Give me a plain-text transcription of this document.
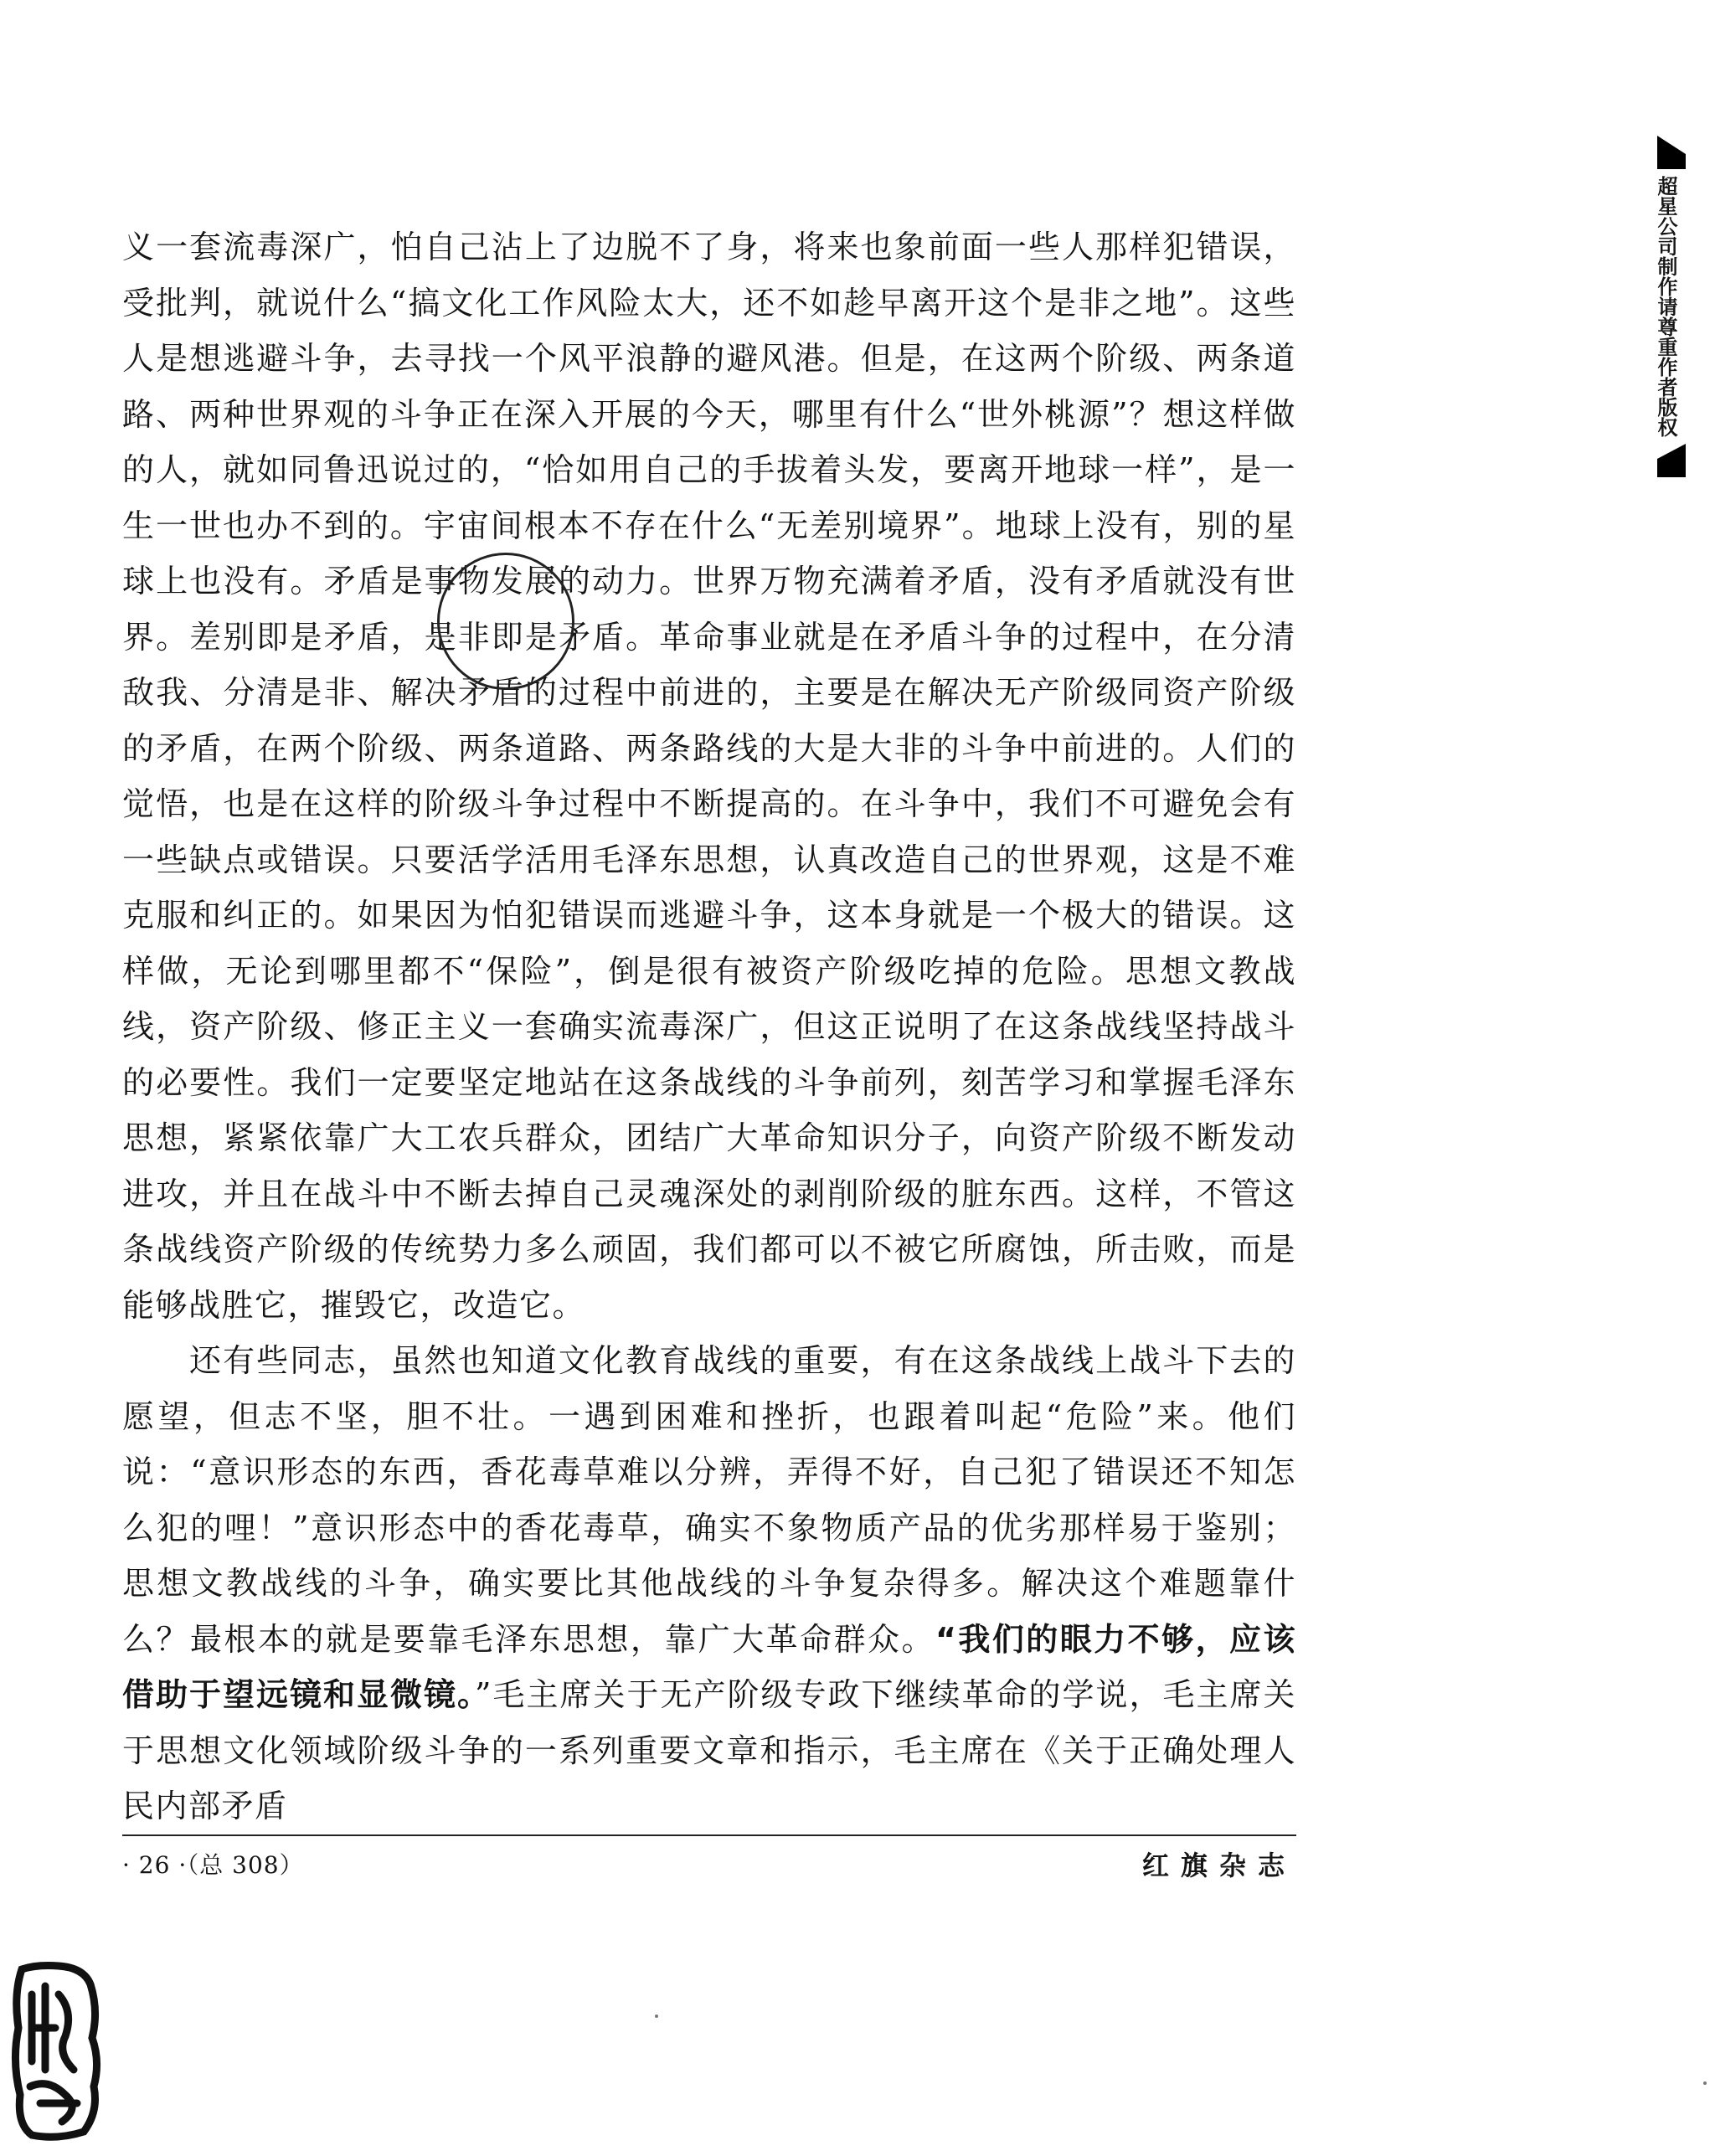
义一套流毒深广，怕自己沾上了边脱不了身，将来也象前面一些人那样犯错误，受批判，就说什么“搞文化工作风险太大，还不如趁早离开这个是非之地”。这些人是想逃避斗争，去寻找一个风平浪静的避风港。但是，在这两个阶级、两条道路、两种世界观的斗争正在深入开展的今天，哪里有什么“世外桃源”？想这样做的人，就如同鲁迅说过的，“恰如用自己的手拔着头发，要离开地球一样”，是一生一世也办不到的。宇宙间根本不存在什么“无差别境界”。地球上没有，别的星球上也没有。矛盾是事物发展的动力。世界万物充满着矛盾，没有矛盾就没有世界。差别即是矛盾，是非即是矛盾。革命事业就是在矛盾斗争的过程中，在分清敌我、分清是非、解决矛盾的过程中前进的，主要是在解决无产阶级同资产阶级的矛盾，在两个阶级、两条道路、两条路线的大是大非的斗争中前进的。人们的觉悟，也是在这样的阶级斗争过程中不断提高的。在斗争中，我们不可避免会有一些缺点或错误。只要活学活用毛泽东思想，认真改造自己的世界观，这是不难克服和纠正的。如果因为怕犯错误而逃避斗争，这本身就是一个极大的错误。这样做，无论到哪里都不“保险”，倒是很有被资产阶级吃掉的危险。思想文教战线，资产阶级、修正主义一套确实流毒深广，但这正说明了在这条战线坚持战斗的必要性。我们一定要坚定地站在这条战线的斗争前列，刻苦学习和掌握毛泽东思想，紧紧依靠广大工农兵群众，团结广大革命知识分子，向资产阶级不断发动进攻，并且在战斗中不断去掉自己灵魂深处的剥削阶级的脏东西。这样，不管这条战线资产阶级的传统势力多么顽固，我们都可以不被它所腐蚀，所击败，而是能够战胜它，摧毁它，改造它。

还有些同志，虽然也知道文化教育战线的重要，有在这条战线上战斗下去的愿望，但志不坚，胆不壮。一遇到困难和挫折，也跟着叫起“危险”来。他们说：“意识形态的东西，香花毒草难以分辨，弄得不好，自己犯了错误还不知怎么犯的哩！”意识形态中的香花毒草，确实不象物质产品的优劣那样易于鉴别；思想文教战线的斗争，确实要比其他战线的斗争复杂得多。解决这个难题靠什么？最根本的就是要靠毛泽东思想，靠广大革命群众。“我们的眼力不够，应该借助于望远镜和显微镜。”毛主席关于无产阶级专政下继续革命的学说，毛主席关于思想文化领域阶级斗争的一系列重要文章和指示，毛主席在《关于正确处理人民内部矛盾

· 26 ·（总 308）	红旗杂志
超星公司制作请尊重作者版权
